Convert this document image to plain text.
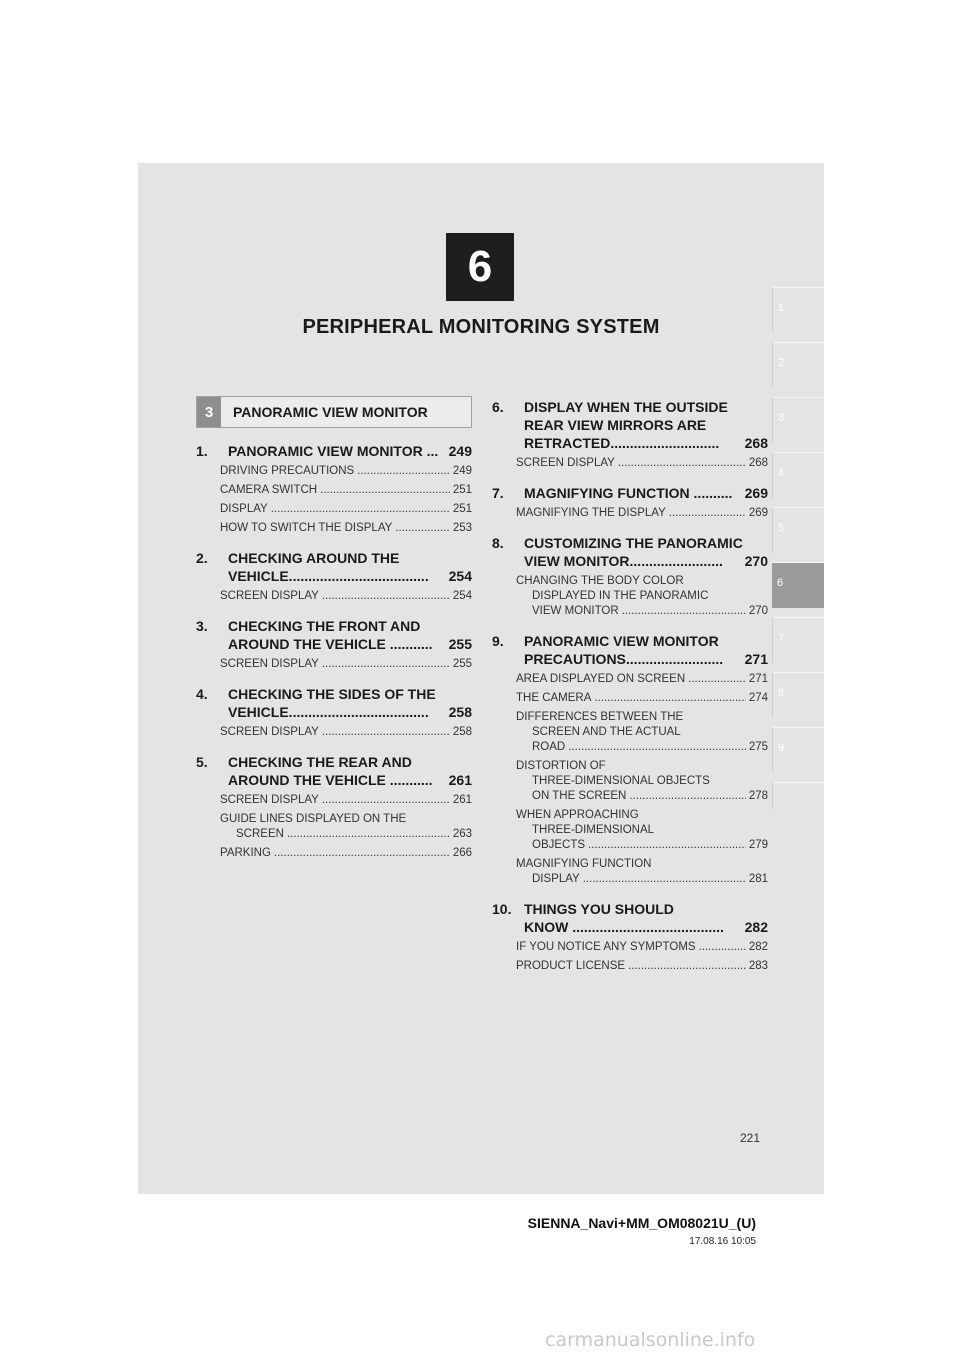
6
PERIPHERAL MONITORING SYSTEM
1
2
3
4
5
6
7
8
9
3	PANORAMIC VIEW MONITOR
1.	PANORAMIC VIEW MONITOR ... 249
DRIVING PRECAUTIONS .....	249
CAMERA SWITCH .....	251
DISPLAY .....	251
HOW TO SWITCH THE DISPLAY .....	253
2.	CHECKING AROUND THE
VEHICLE....................................	254
SCREEN DISPLAY .....	254
3.	CHECKING THE FRONT AND
AROUND THE VEHICLE ...........	255
SCREEN DISPLAY .....	255
4.	CHECKING THE SIDES OF THE
VEHICLE....................................	258
SCREEN DISPLAY .....	258
5.	CHECKING THE REAR AND
AROUND THE VEHICLE ...........	261
SCREEN DISPLAY .....	261
GUIDE LINES DISPLAYED ON THE
SCREEN .....	263
PARKING .....	266
6.	DISPLAY WHEN THE OUTSIDE
REAR VIEW MIRRORS ARE
RETRACTED............................	268
SCREEN DISPLAY .....	268
7.	MAGNIFYING FUNCTION .......... 269
MAGNIFYING THE DISPLAY .....	269
8.	CUSTOMIZING THE PANORAMIC
VIEW MONITOR........................	270
CHANGING THE BODY COLOR
DISPLAYED IN THE PANORAMIC
VIEW MONITOR .....	270
9.	PANORAMIC VIEW MONITOR
PRECAUTIONS.........................	271
AREA DISPLAYED ON SCREEN .....	271
THE CAMERA .....	274
DIFFERENCES BETWEEN THE
SCREEN AND THE ACTUAL
ROAD .....	275
DISTORTION OF
THREE-DIMENSIONAL OBJECTS
ON THE SCREEN .....	278
WHEN APPROACHING
THREE-DIMENSIONAL
OBJECTS .....	279
MAGNIFYING FUNCTION
DISPLAY .....	281
10. THINGS YOU SHOULD
KNOW .......................................	282
IF YOU NOTICE ANY SYMPTOMS .....	282
PRODUCT LICENSE .....	283
221
SIENNA_Navi+MM_OM08021U_(U)
17.08.16 10:05
carmanualsonline.info
